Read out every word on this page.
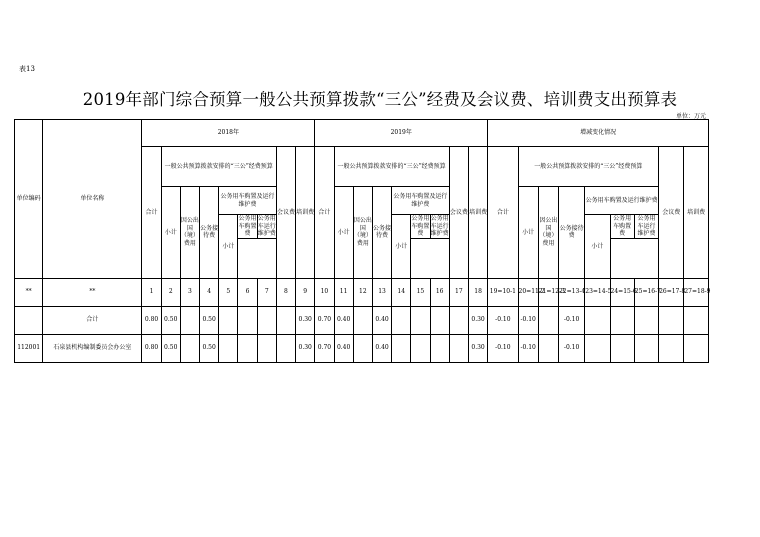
表13
2019年部门综合预算一般公共预算拨款“三公”经费及会议费、培训费支出预算表
单位：万元
单位编码	单位名称	2018年									2019年									增减变化情况								
		合计	一般公共预算拨款安排的“三公”经费预算						会议费	培训费	合计	一般公共预算拨款安排的“三公”经费预算						会议费	培训费	合计	一般公共预算拨款安排的“三公”经费预算						会议费	培训费
			小计	因公出国（境）费用	公务接待费	公务用车购置及运行维护费						小计	因公出国（境）费用	公务接待费	公务用车购置及运行维护费						小计	因公出国（境）费用	公务接待费	公务用车购置及运行维护费				
						小计	公务用车购置费	公务用车运行维护费							小计	公务用车购置费	公务用车运行维护费							小计	公务用车购置费	公务用车运行维护费		

**	**	1	2	3	4	5	6	7	8	9	10	11	12	13	14	15	16	17	18	19=10-1	20=11-2	21=12-3	22=13-4	23=14-5	24=15-6	25=16-7	26=17-8	27=18-9
	合计	0.80	0.50		0.50					0.30	0.70	0.40		0.40					0.30	-0.10	-0.10		-0.10					
112001	石泉县机构编制委员会办公室	0.80	0.50		0.50					0.30	0.70	0.40		0.40					0.30	-0.10	-0.10		-0.10					
